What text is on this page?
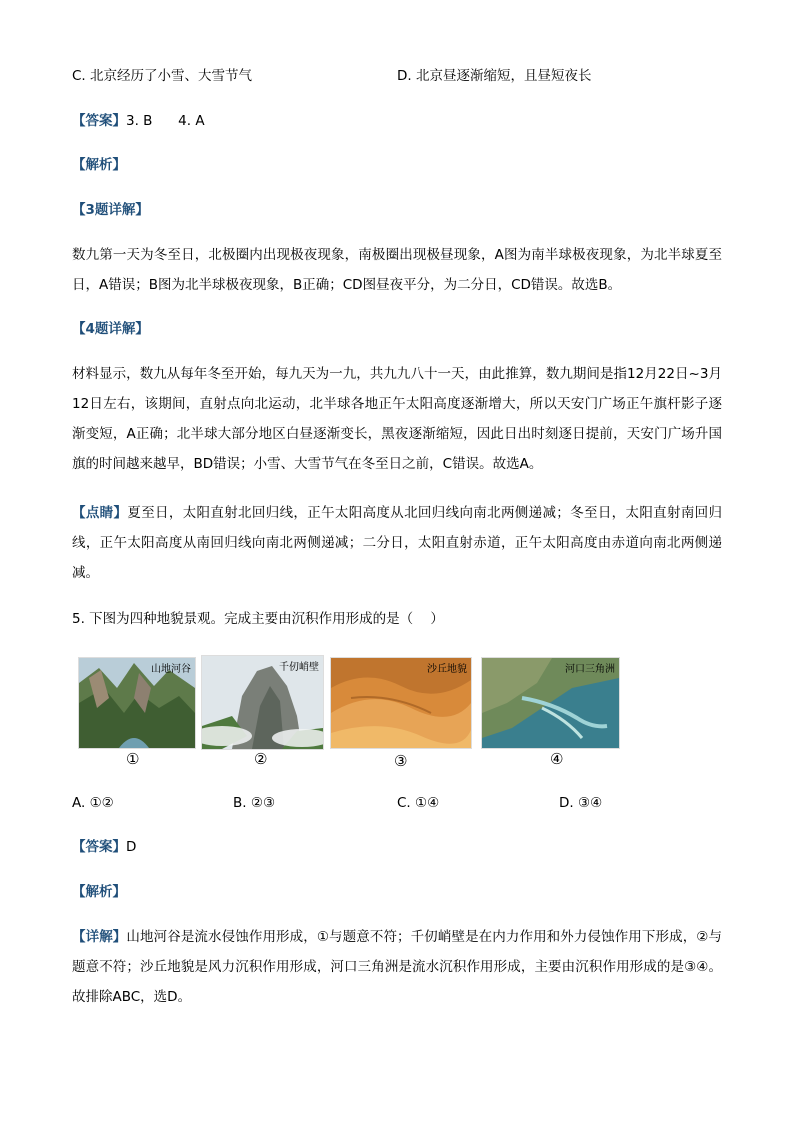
C. 北京经历了小雪、大雪节气	D. 北京昼逐渐缩短，且昼短夜长
【答案】3. B      4. A
【解析】
【3题详解】
数九第一天为冬至日，北极圈内出现极夜现象，南极圈出现极昼现象，A图为南半球极夜现象，为北半球夏至日，A错误；B图为北半球极夜现象，B正确；CD图昼夜平分，为二分日，CD错误。故选B。
【4题详解】
材料显示，数九从每年冬至开始，每九天为一九，共九九八十一天，由此推算，数九期间是指12月22日~3月12日左右，该期间，直射点向北运动，北半球各地正午太阳高度逐渐增大，所以天安门广场正午旗杆影子逐渐变短，A正确；北半球大部分地区白昼逐渐变长，黑夜逐渐缩短，因此日出时刻逐日提前，天安门广场升国旗的时间越来越早，BD错误；小雪、大雪节气在冬至日之前，C错误。故选A。
【点睛】夏至日，太阳直射北回归线，正午太阳高度从北回归线向南北两侧递减；冬至日，太阳直射南回归线，正午太阳高度从南回归线向南北两侧递减；二分日，太阳直射赤道，正午太阳高度由赤道向南北两侧递减。
5. 下图为四种地貌景观。完成主要由沉积作用形成的是（    ）
山地河谷
①
千仞峭壁
②
沙丘地貌
③
河口三角洲
④
A. ①②	B. ②③	C. ①④	D. ③④
【答案】D
【解析】
【详解】山地河谷是流水侵蚀作用形成，①与题意不符；千仞峭壁是在内力作用和外力侵蚀作用下形成，②与题意不符；沙丘地貌是风力沉积作用形成，河口三角洲是流水沉积作用形成，主要由沉积作用形成的是③④。故排除ABC，选D。
